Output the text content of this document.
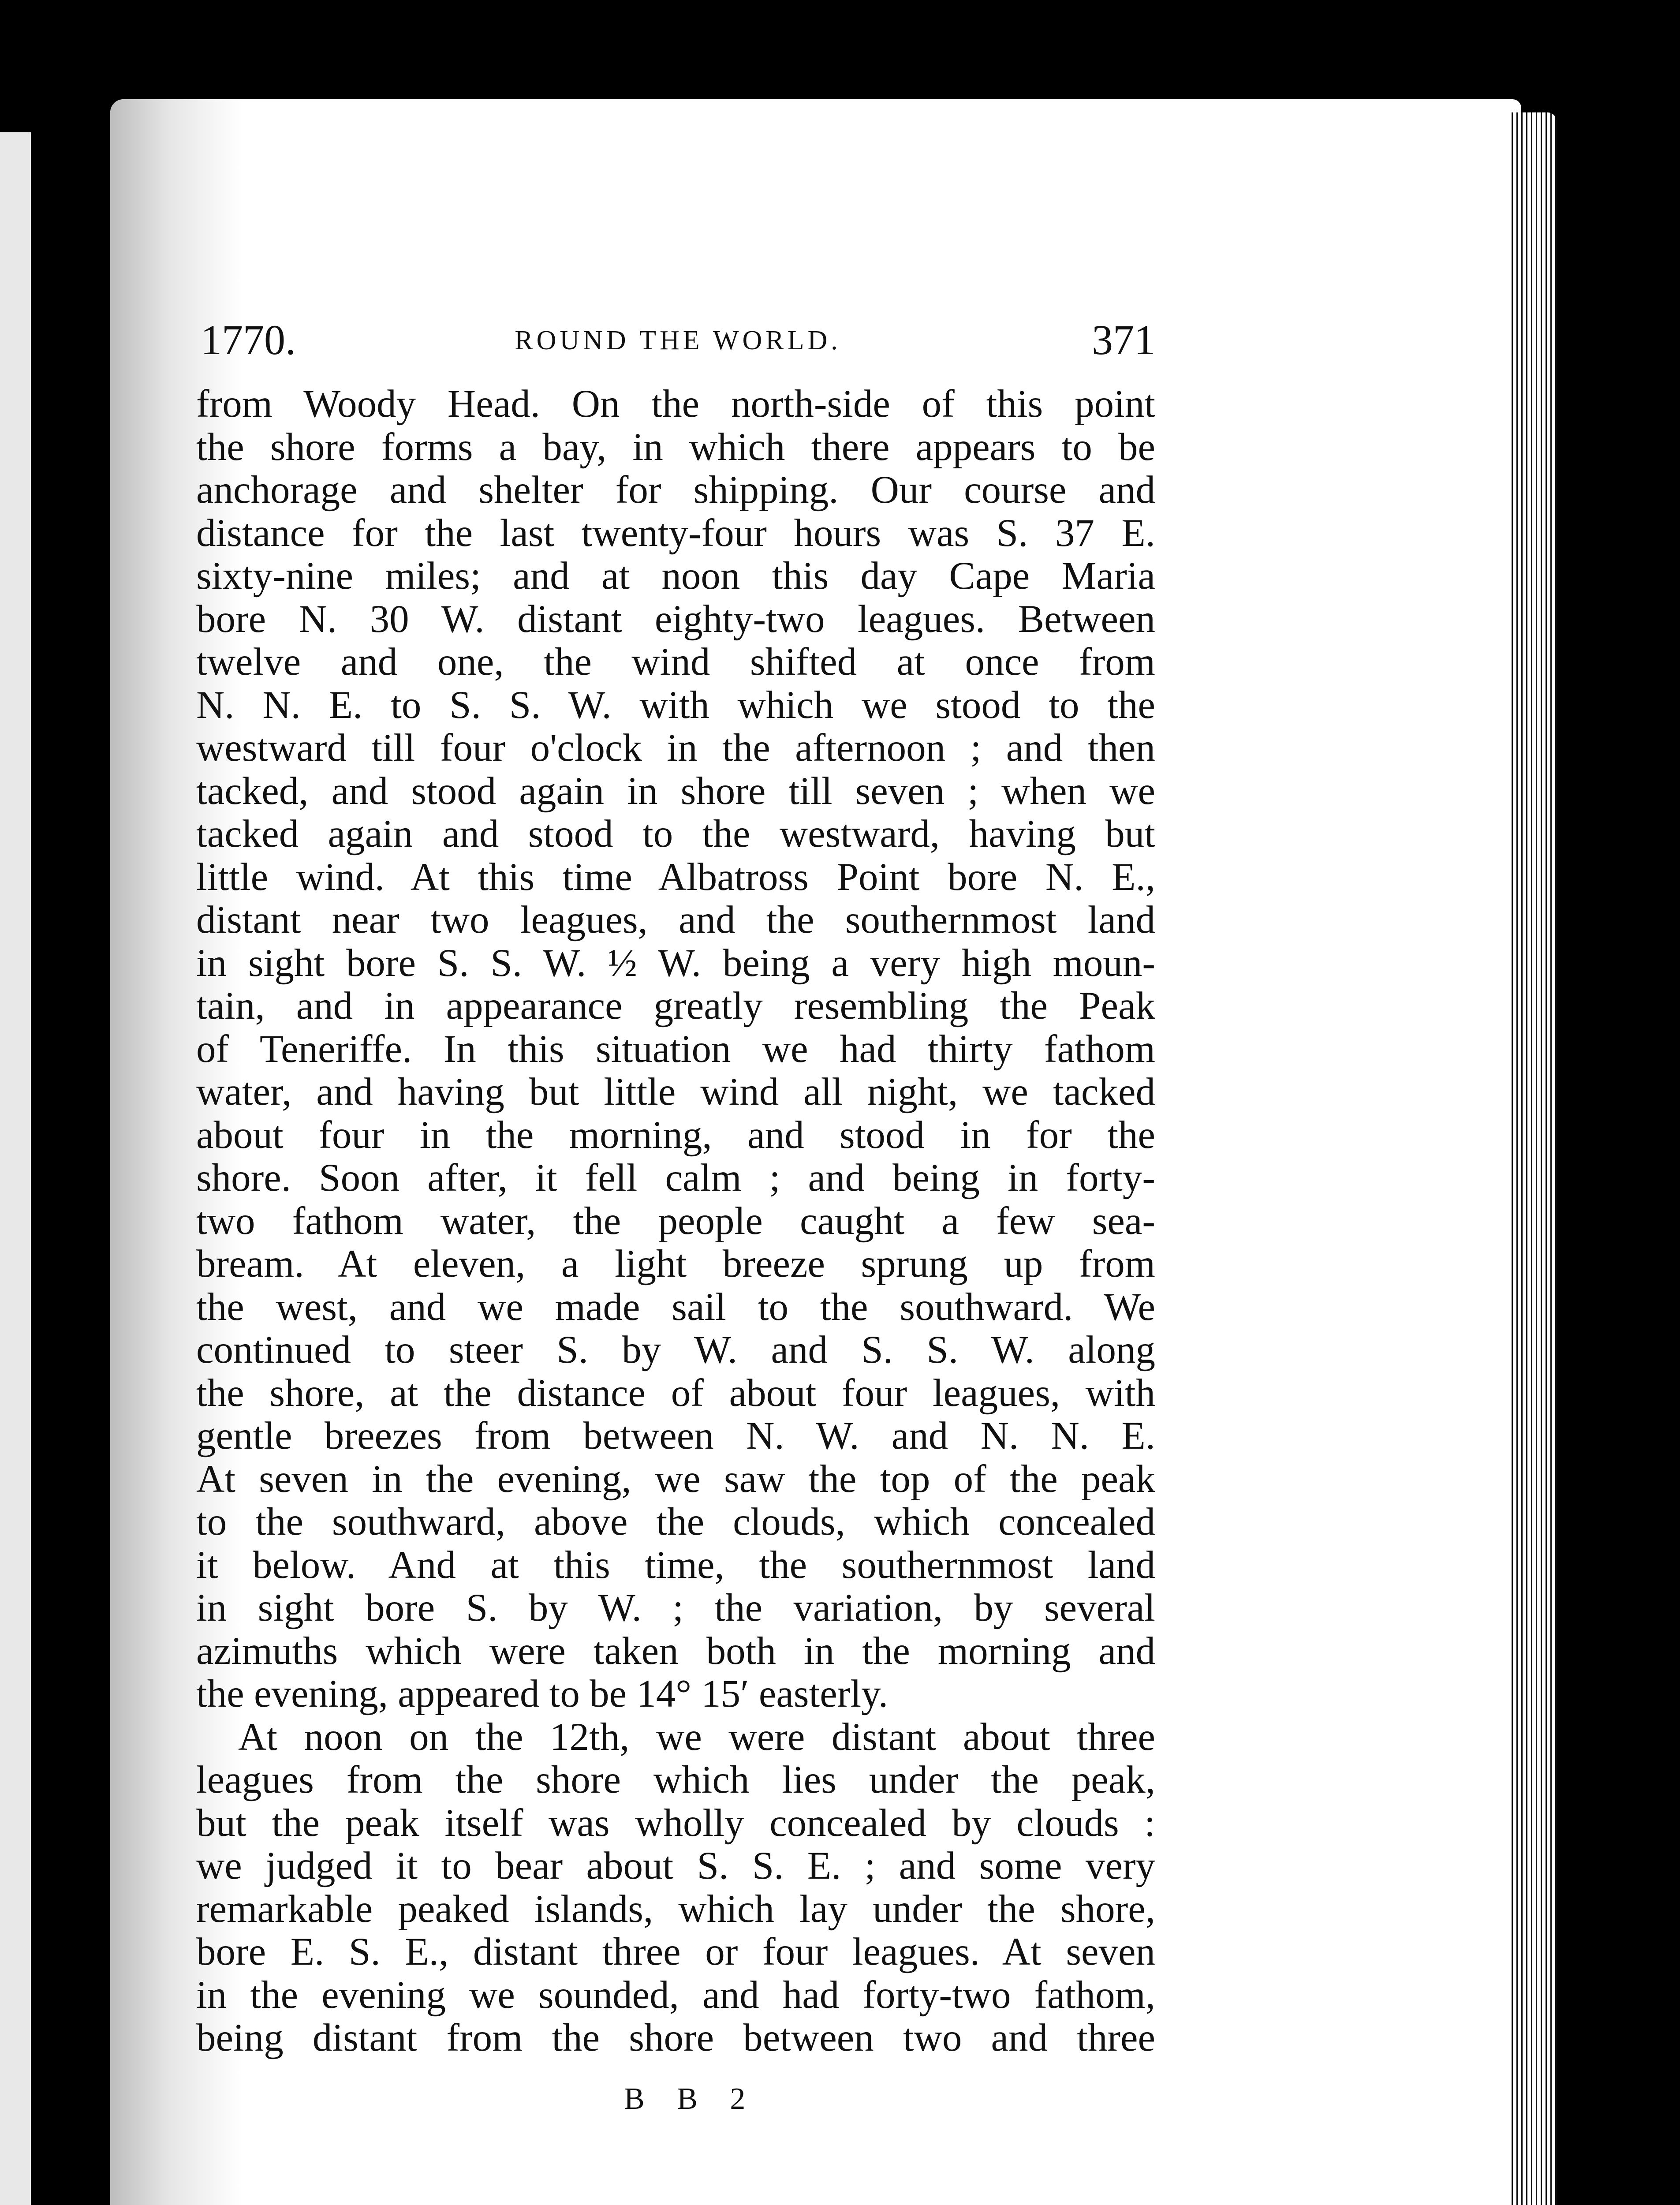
1770.	ROUND THE WORLD.	371
from Woody Head. On the north-side of this point
the shore forms a bay, in which there appears to be
anchorage and shelter for shipping. Our course and
distance for the last twenty-four hours was S. 37 E.
sixty-nine miles; and at noon this day Cape Maria
bore N. 30 W. distant eighty-two leagues. Between
twelve and one, the wind shifted at once from
N. N. E. to S. S. W. with which we stood to the
westward till four o'clock in the afternoon ; and then
tacked, and stood again in shore till seven ; when we
tacked again and stood to the westward, having but
little wind. At this time Albatross Point bore N. E.,
distant near two leagues, and the southernmost land
in sight bore S. S. W. ½ W. being a very high moun-
tain, and in appearance greatly resembling the Peak
of Teneriffe. In this situation we had thirty fathom
water, and having but little wind all night, we tacked
about four in the morning, and stood in for the
shore. Soon after, it fell calm ; and being in forty-
two fathom water, the people caught a few sea-
bream. At eleven, a light breeze sprung up from
the west, and we made sail to the southward. We
continued to steer S. by W. and S. S. W. along
the shore, at the distance of about four leagues, with
gentle breezes from between N. W. and N. N. E.
At seven in the evening, we saw the top of the peak
to the southward, above the clouds, which concealed
it below. And at this time, the southernmost land
in sight bore S. by W. ; the variation, by several
azimuths which were taken both in the morning and
the evening, appeared to be 14° 15′ easterly.
At noon on the 12th, we were distant about three
leagues from the shore which lies under the peak,
but the peak itself was wholly concealed by clouds :
we judged it to bear about S. S. E. ; and some very
remarkable peaked islands, which lay under the shore,
bore E. S. E., distant three or four leagues. At seven
in the evening we sounded, and had forty-two fathom,
being distant from the shore between two and three
B B 2
